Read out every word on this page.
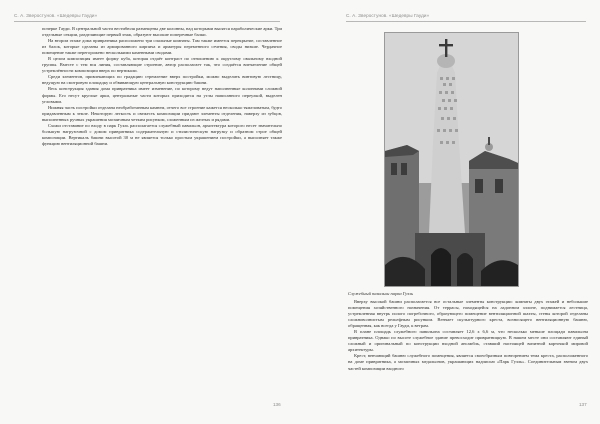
С. А. Зверостунов. «Шедевры Гауди»

почерке Гауди. В центральной части вестибюля размещены две колонны, над которыми высятся параболические арки. Три отдельные секции, разделяющие первый этаж, образуют высокие поперечные балки.

На втором этаже дома привратника расположено три спальные комнаты. Там также имеется перекрытие, составленное из балок, которые сделаны из армированного кирпича и арматуры переменного сечения, своды низкие. Чердачное помещение также перегорожено несколькими каменными сводами.

В целом композиция имеет форму куба, которая отдаёт контраст по отношению к округлому овальному входной группы. Вместе с тем вся линия, составляющие строение, автор располагает так, что создаётся впечатление общей устремлённости композиции вверх по вертикали.

Среди элементов, привлекающих по градацию стремление вверх постройки, можно выделить винтовую лестницу, ведущую на смотровую площадку и обвивающую центральную конструкцию башни.

Весь конструкция здания дома привратника имеет изменение, по которому ведут наполненные колоннами сложной формы. Его несут круглые арки, центральные части которых приходятся на углы написанного переулкой, выделен угловыми.

Нижняя часть постройки отделана необработанным камнем, отчего все строение кажется несколько тяжеловатым, будто придавленным к земле. Некоторую легкость и свежесть композиции придают элементы отделения, наверху из зубцов, выполненных ручных украшения мозаичным четким рисунком, сложенным из желтых и рядами.

Схожи отставание по входу в парк Гуэль располагается служебный павильон, архитектура которого несет значительно большую нагрузочной с домом привратника содержательную и стилистическую нагрузку и образном строе общей композиции. Вертикаль башни высотой 30 м не является только простым украшением постройки, а выполняет также функцию вентиляционной башни.

136
С. А. Зверостунов. «Шедевры Гауди»
Служебный павильон парка Гуэль

Вверху высокой башни располагается все остальные элементы конструкции: комнаты двух этажей и небольшие помещения хозяйственного назначения. От террасы, находящейся на ладонном эллоне, поднимается лестница, устремленная внутрь полого погребочного, образующего помещение вентиляционной шахты, стены которой отделаны сложноволнистым рельефным рисунком. Венчает скульптурного креста, возносящего вентиляционную башню, обращенная, как всегда у Гауди, к ветрам.

В плане площадь служебного павильона составляет 12,6 x 6,6 м, что несколько меньше площади павильона привратника. Однако по высоте служебное здание превосходит привратницкую. В нашем месте они составляют единый сложный и оригинальный по конструкции входной ансамбль, ставший настоящей визитной карточкой мировой архитектуры.

Крест, венчающий башню служебного помещения, является своеобразным повторением тема креста, расположенного на доме привратника, а мозаичных медальонов, украшающих надписью «Парк Гуэль». Соединительным звеном двух частей композиции входного

137
